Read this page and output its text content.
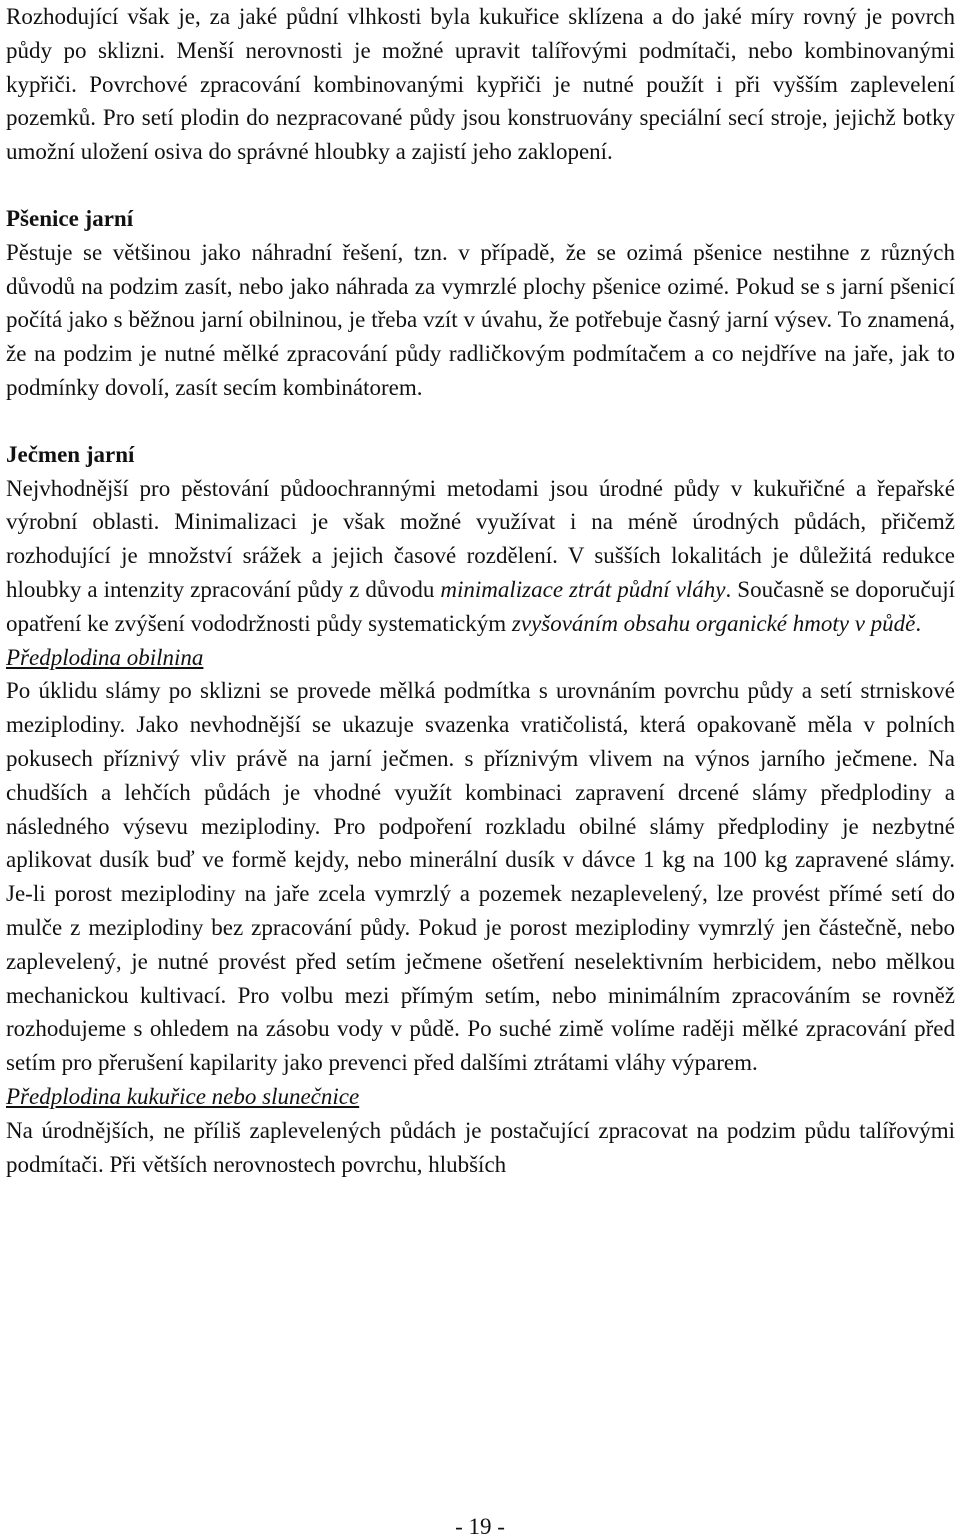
Rozhodující však je, za jaké půdní vlhkosti byla kukuřice sklízena a do jaké míry rovný je povrch půdy po sklizni. Menší nerovnosti je možné upravit talířovými podmítači, nebo kombinovanými kypřiči. Povrchové zpracování kombinovanými kypřiči je nutné použít i při vyšším zaplevelení pozemků. Pro setí plodin do nezpracované půdy jsou konstruovány speciální secí stroje, jejichž botky umožní uložení osiva do správné hloubky a zajistí jeho zaklopení.

Pšenice jarní

Pěstuje se většinou jako náhradní řešení, tzn. v případě, že se ozimá pšenice nestihne z různých důvodů na podzim zasít, nebo jako náhrada za vymrzlé plochy pšenice ozimé. Pokud se s jarní pšenicí počítá jako s běžnou jarní obilninou, je třeba vzít v úvahu, že potřebuje časný jarní výsev. To znamená, že na podzim je nutné mělké zpracování půdy radličkovým podmítačem a co nejdříve na jaře, jak to podmínky dovolí, zasít secím kombinátorem.

Ječmen jarní

Nejvhodnější pro pěstování půdoochrannými metodami jsou úrodné půdy v kukuřičné a řepařské výrobní oblasti. Minimalizaci je však možné využívat i na méně úrodných půdách, přičemž rozhodující je množství srážek a jejich časové rozdělení. V sušších lokalitách je důležitá redukce hloubky a intenzity zpracování půdy z důvodu minimalizace ztrát půdní vláhy. Současně se doporučují opatření ke zvýšení vododržnosti půdy systematickým zvyšováním obsahu organické hmoty v půdě.

Předplodina obilnina

Po úklidu slámy po sklizni se provede mělká podmítka s urovnáním povrchu půdy a setí strniskové meziplodiny. Jako nevhodnější se ukazuje svazenka vratičolistá, která opakovaně měla v polních pokusech příznivý vliv právě na jarní ječmen. s příznivým vlivem na výnos jarního ječmene. Na chudších a lehčích půdách je vhodné využít kombinaci zapravení drcené slámy předplodiny a následného výsevu meziplodiny. Pro podpoření rozkladu obilné slámy předplodiny je nezbytné aplikovat dusík buď ve formě kejdy, nebo minerální dusík v dávce 1 kg na 100 kg zapravené slámy. Je-li porost meziplodiny na jaře zcela vymrzlý a pozemek nezaplevelený, lze provést přímé setí do mulče z meziplodiny bez zpracování půdy. Pokud je porost meziplodiny vymrzlý jen částečně, nebo zaplevelený, je nutné provést před setím ječmene ošetření neselektivním herbicidem, nebo mělkou mechanickou kultivací. Pro volbu mezi přímým setím, nebo minimálním zpracováním se rovněž rozhodujeme s ohledem na zásobu vody v půdě. Po suché zimě volíme raději mělké zpracování před setím pro přerušení kapilarity jako prevenci před dalšími ztrátami vláhy výparem.

Předplodina kukuřice nebo slunečnice

Na úrodnějších, ne příliš zaplevelených půdách je postačující zpracovat na podzim půdu talířovými podmítači. Při větších nerovnostech povrchu, hlubších

- 19 -
